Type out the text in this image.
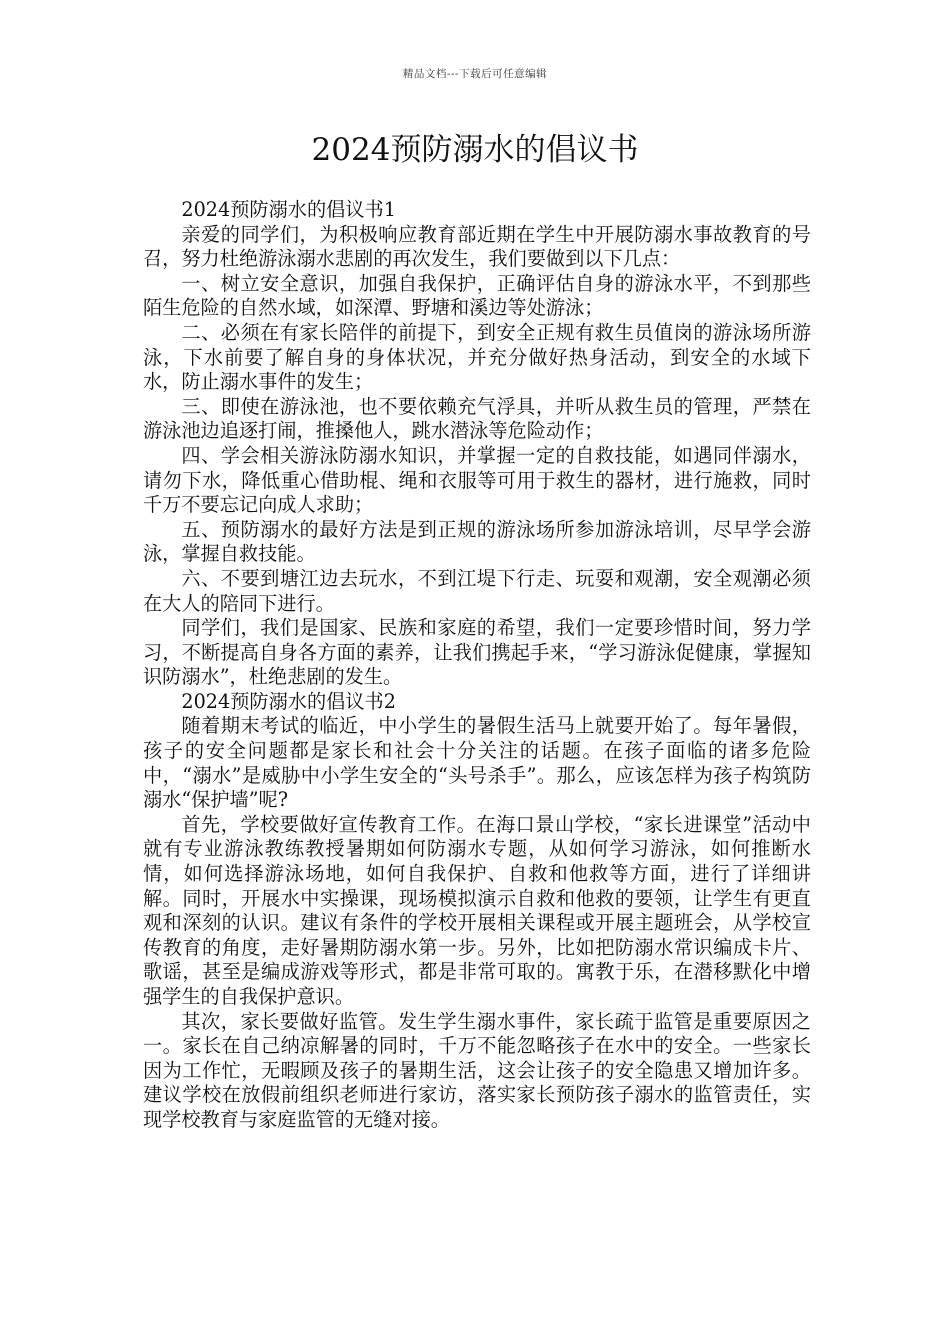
精品文档---下载后可任意编辑
2024预防溺水的倡议书

2024预防溺水的倡议书1

亲爱的同学们，为积极响应教育部近期在学生中开展防溺水事故教育的号召，努力杜绝游泳溺水悲剧的再次发生，我们要做到以下几点：

一、树立安全意识，加强自我保护，正确评估自身的游泳水平，不到那些陌生危险的自然水域，如深潭、野塘和溪边等处游泳；

二、必须在有家长陪伴的前提下，到安全正规有救生员值岗的游泳场所游泳，下水前要了解自身的身体状况，并充分做好热身活动，到安全的水域下水，防止溺水事件的发生；

三、即使在游泳池，也不要依赖充气浮具，并听从救生员的管理，严禁在游泳池边追逐打闹，推搡他人，跳水潜泳等危险动作；

四、学会相关游泳防溺水知识，并掌握一定的自救技能，如遇同伴溺水，请勿下水，降低重心借助棍、绳和衣服等可用于救生的器材，进行施救，同时千万不要忘记向成人求助；

五、预防溺水的最好方法是到正规的游泳场所参加游泳培训，尽早学会游泳，掌握自救技能。

六、不要到塘江边去玩水，不到江堤下行走、玩耍和观潮，安全观潮必须在大人的陪同下进行。

同学们，我们是国家、民族和家庭的希望，我们一定要珍惜时间，努力学习，不断提高自身各方面的素养，让我们携起手来，“学习游泳促健康，掌握知识防溺水”，杜绝悲剧的发生。

2024预防溺水的倡议书2

随着期末考试的临近，中小学生的暑假生活马上就要开始了。每年暑假，孩子的安全问题都是家长和社会十分关注的话题。在孩子面临的诸多危险中，“溺水”是威胁中小学生安全的“头号杀手”。那么，应该怎样为孩子构筑防溺水“保护墙”呢?

首先，学校要做好宣传教育工作。在海口景山学校，“家长进课堂”活动中就有专业游泳教练教授暑期如何防溺水专题，从如何学习游泳，如何推断水情，如何选择游泳场地，如何自我保护、自救和他救等方面，进行了详细讲解。同时，开展水中实操课，现场模拟演示自救和他救的要领，让学生有更直观和深刻的认识。建议有条件的学校开展相关课程或开展主题班会，从学校宣传教育的角度，走好暑期防溺水第一步。另外，比如把防溺水常识编成卡片、歌谣，甚至是编成游戏等形式，都是非常可取的。寓教于乐，在潜移默化中增强学生的自我保护意识。

其次，家长要做好监管。发生学生溺水事件，家长疏于监管是重要原因之一。家长在自己纳凉解暑的同时，千万不能忽略孩子在水中的安全。一些家长因为工作忙，无暇顾及孩子的暑期生活，这会让孩子的安全隐患又增加许多。建议学校在放假前组织老师进行家访，落实家长预防孩子溺水的监管责任，实现学校教育与家庭监管的无缝对接。
